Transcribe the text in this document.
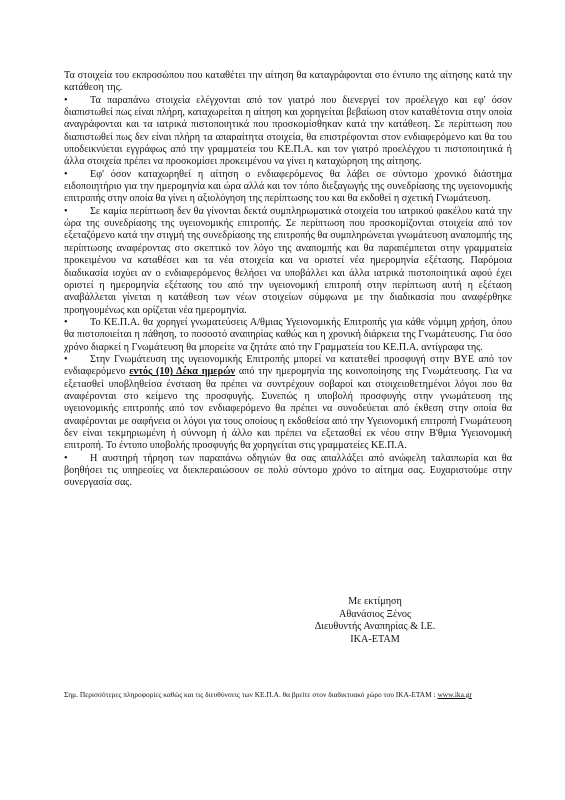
Τα στοιχεία του εκπροσώπου που καταθέτει την αίτηση θα καταγράφονται στο έντυπο της αίτησης κατά την κατάθεση της.

• Τα παραπάνω στοιχεία ελέγχονται από τον γιατρό που διενεργεί τον προέλεγχο και εφ' όσον διαπιστωθεί πως είναι πλήρη, καταχωρείται η αίτηση και χορηγείται βεβαίωση στον καταθέτοντα στην οποία αναγράφονται και τα ιατρικά πιστοποιητικά που προσκομίσθηκαν κατά την κατάθεση. Σε περίπτωση που διαπιστωθεί πως δεν είναι πλήρη τα απαραίτητα στοιχεία, θα επιστρέφονται στον ενδιαφερόμενο και θα του υποδεικνύεται εγγράφως από την γραμματεία του ΚΕ.Π.Α. και τον γιατρό προελέγχου τι πιστοποιητικά ή άλλα στοιχεία πρέπει να προσκομίσει προκειμένου να γίνει η καταχώρηση της αίτησης.

• Εφ' όσον καταχωρηθεί η αίτηση ο ενδιαφερόμενος θα λάβει σε σύντομο χρονικό διάστημα ειδοποιητήριο για την ημερομηνία και ώρα αλλά και τον τόπο διεξαγωγής της συνεδρίασης της υγειονομικής επιτροπής στην οποία θα γίνει η αξιολόγηση της περίπτωσης του και θα εκδοθεί η σχετική Γνωμάτευση.

• Σε καμία περίπτωση δεν θα γίνονται δεκτά συμπληρωματικά στοιχεία του ιατρικού φακέλου κατά την ώρα της συνεδρίασης της υγειονομικής επιτροπής. Σε περίπτωση που προσκομίζονται στοιχεία από τον εξεταζόμενο κατά την στιγμή της συνεδρίασης της επιτροπής θα συμπληρώνεται γνωμάτευση αναπομπής της περίπτωσης αναφέροντας στο σκεπτικό τον λόγο της αναπομπής και θα παραπέμπεται στην γραμματεία προκειμένου να καταθέσει και τα νέα στοιχεία και να οριστεί νέα ημερομηνία εξέτασης. Παρόμοια διαδικασία ισχύει αν ο ενδιαφερόμενος θελήσει να υποβάλλει και άλλα ιατρικά πιστοποιητικά αφού έχει οριστεί η ημερομηνία εξέτασης του από την υγειονομική επιτροπή στην περίπτωση αυτή η εξέταση αναβάλλεται γίνεται η κατάθεση των νέων στοιχείων σύμφωνα με την διαδικασία που αναφέρθηκε προηγουμένως και ορίζεται νέα ημερομηνία.

• Το ΚΕ.Π.Α. θα χορηγεί γνωματεύσεις Α/θμιας Υγειονομικής Επιτροπής για κάθε νόμιμη χρήση, όπου θα πιστοποιείται η πάθηση, το ποσοστό αναπηρίας καθώς και η χρονική διάρκεια της Γνωμάτευσης. Για όσο χρόνο διαρκεί η Γνωμάτευση θα μπορείτε να ζητάτε από την Γραμματεία του ΚΕ.Π.Α. αντίγραφα της.

• Στην Γνωμάτευση της υγειονομικής Επιτροπής μπορεί να κατατεθεί προσφυγή στην ΒΥΕ από τον ενδιαφερόμενο εντός (10) Δέκα ημερών από την ημερομηνία της κοινοποίησης της Γνωμάτευσης. Για να εξετασθεί υποβληθείσα ένσταση θα πρέπει να συντρέχουν σοβαροί και στοιχειοθετημένοι λόγοι που θα αναφέρονται στο κείμενο της προσφυγής. Συνεπώς η υποβολή προσφυγής στην γνωμάτευση της υγειονομικής επιτροπής από τον ενδιαφερόμενο θα πρέπει να συνοδεύεται από έκθεση στην οποία θα αναφέρονται με σαφήνεια οι λόγοι για τους οποίους η εκδοθείσα από την Υγειονομική επιτροπή Γνωμάτευση δεν είναι τεκμηριωμένη ή σύννομη ή άλλο και πρέπει να εξετασθεί εκ νέου στην Β'θμια Υγειονομική επιτροπή. Το έντυπο υποβολής προσφυγής θα χορηγείται στις γραμματείες ΚΕ.Π.Α.

• Η αυστηρή τήρηση των παραπάνω οδηγιών θα σας απαλλάξει από ανώφελη ταλαιπωρία και θα βοηθήσει τις υπηρεσίες να διεκπεραιώσουν σε πολύ σύντομο χρόνο το αίτημα σας. Ευχαριστούμε στην συνεργασία σας.

Με εκτίμηση
Αθανάσιος Ξένος
Διευθυντής Αναπηρίας & Ι.Ε.
ΙΚΑ-ΕΤΑΜ
Σημ. Περισσότερες πληροφορίες καθώς και τις διευθύνσεις των ΚΕ.Π.Α. θα βρείτε στον διαδικτυακό χώρο του ΙΚΑ-ΕΤΑΜ : www.ika.gr
